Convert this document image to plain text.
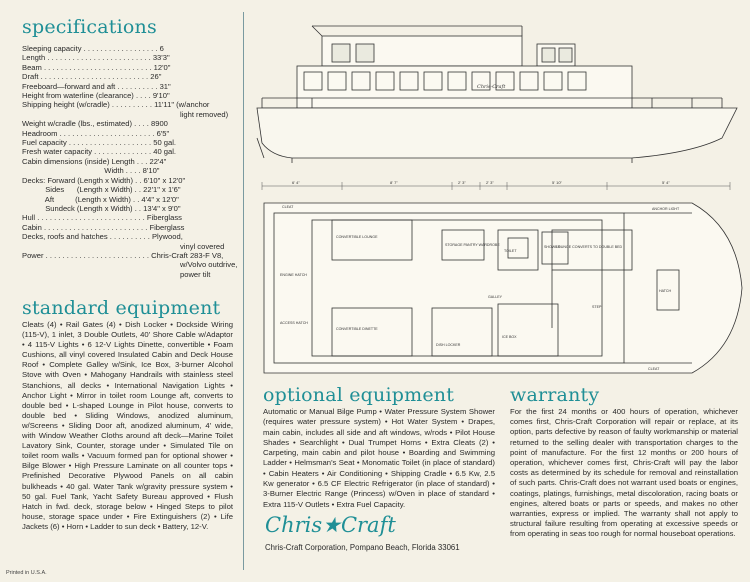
specifications
Sleeping capacity . . . . . . . . . . . . . . . . . . 6
Length . . . . . . . . . . . . . . . . . . . . . . . . . 33'3"
Beam . . . . . . . . . . . . . . . . . . . . . . . . . . 12'0"
Draft . . . . . . . . . . . . . . . . . . . . . . . . . . 26"
Freeboard—forward and aft . . . . . . . . . . 31"
Height from waterline (clearance) . . . . 9'10"
Shipping height (w/cradle) . . . . . . . . . . 11'11" (w/anchor
light removed)
Weight w/cradle (lbs., estimated) . . . . 8900
Headroom . . . . . . . . . . . . . . . . . . . . . . . 6'5"
Fuel capacity . . . . . . . . . . . . . . . . . . . . 50 gal.
Fresh water capacity . . . . . . . . . . . . . . 40 gal.
Cabin dimensions (inside) Length . . . 22'4"
Width . . . . 8'10"
Decks: Forward (Length x Width) . . 6'10" x 12'0"
Sides      (Length x Width) . . 22'1" x 1'6"
Aft          (Length x Width) . . 4'4" x 12'0"
Sundeck (Length x Width) . . 13'4" x 9'0"
Hull . . . . . . . . . . . . . . . . . . . . . . . . . . Fiberglass
Cabin . . . . . . . . . . . . . . . . . . . . . . . . . Fiberglass
Decks, roofs and hatches . . . . . . . . . . Plywood,
vinyl covered
Power . . . . . . . . . . . . . . . . . . . . . . . . . Chris-Craft 283-F V8,
w/Volvo outdrive,
power tilt
standard equipment
Cleats (4) • Rail Gates (4) • Dish Locker • Dockside Wiring (115-V), 1 inlet, 3 Double Outlets, 40' Shore Cable w/Adaptor • 4 115-V Lights • 6 12-V Lights Dinette, convertible • Foam Cushions, all vinyl covered Insulated Cabin and Deck House Roof • Complete Galley w/Sink, Ice Box, 3-burner Alcohol Stove with Oven • Mahogany Handrails with stainless steel Stanchions, all decks • International Navigation Lights • Anchor Light • Mirror in toilet room Lounge aft, converts to double bed • L-shaped Lounge in Pilot house, converts to double bed • Sliding Windows, anodized aluminum, w/Screens • Sliding Door aft, anodized aluminum, 4' wide, with Window Weather Cloths around aft deck—Marine Toilet Lavatory Sink, Counter, storage under • Simulated Tile on toilet room walls • Vacuum formed pan for optional shower • Bilge Blower • High Pressure Laminate on all counter tops • Prefinished Decorative Plywood Panels on all cabin bulkheads • 40 gal. Water Tank w/gravity pressure system • 50 gal. Fuel Tank, Yacht Safety Bureau approved • Flush Hatch in fwd. deck, storage below • Hinged Steps to pilot house, storage space under • Fire Extinguishers (2) • Life Jackets (6) • Horn • Ladder to sun deck • Battery, 12-V.
Chris-Craft
6' 4"	8' 7"	2' 3"	2' 3"	5' 10"	5' 4"
CLEAT
CLEAT
CONVERTIBLE LOUNGE
STORAGE PANTRY WARDROBE	SHOWER
LOUNGE CONVERTS TO DOUBLE BED
ENGINE HATCH
ACCESS HATCH
CONVERTIBLE DINETTE
DISH LOCKER
ICE BOX
HATCH
GALLEY
TOILET
ANCHOR LIGHT
STEP
optional equipment
Automatic or Manual Bilge Pump • Water Pressure System Shower (requires water pressure system) • Hot Water System • Drapes, main cabin, includes all side and aft windows, w/rods • Pilot House Shades • Searchlight • Dual Trumpet Horns • Extra Cleats (2) • Carpeting, main cabin and pilot house • Boarding and Swimming Ladder • Helmsman's Seat • Monomatic Toilet (in place of standard) • Cabin Heaters • Air Conditioning • Shipping Cradle • 6.5 Kw, 2.5 Kw generator • 6.5 CF Electric Refrigerator (in place of standard) • 3-Burner Electric Range (Princess) w/Oven in place of standard • Extra 115-V Outlets • Extra Fuel Capacity.
warranty
For the first 24 months or 400 hours of operation, whichever comes first, Chris-Craft Corporation will repair or replace, at its option, parts defective by reason of faulty workmanship or material returned to the selling dealer with transportation charges to the point of manufacture. For the first 12 months or 200 hours of operation, whichever comes first, Chris-Craft will pay the labor costs as determined by its schedule for removal and reinstallation of such parts. Chris-Craft does not warrant used boats or engines, coatings, platings, furnishings, metal discoloration, racing boats or engines, altered boats or parts or speeds, and makes no other warranties, express or implied. The warranty shall not apply to structural failure resulting from operating at excessive speeds or from operating in seas too rough for normal houseboat operations.
Chris★Craft
Chris-Craft Corporation, Pompano Beach, Florida 33061
Printed in U.S.A.
